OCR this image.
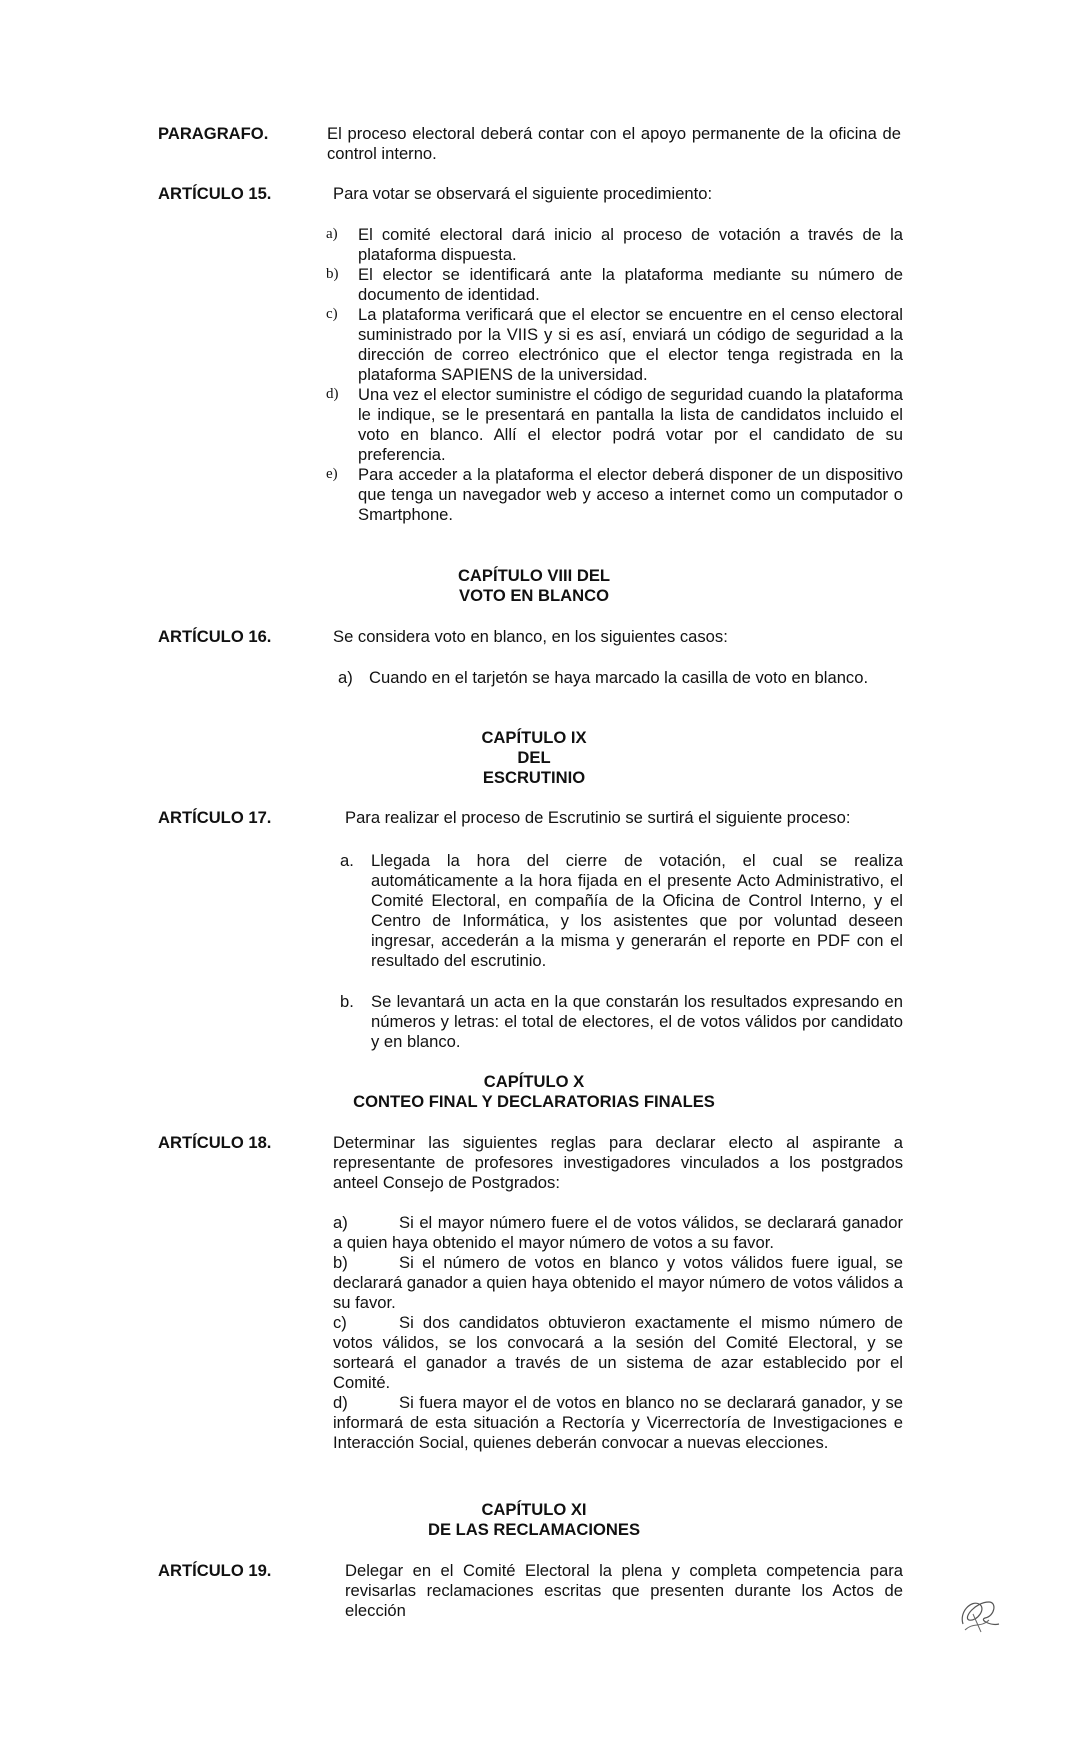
PARAGRAFO.	El proceso electoral deberá contar con el apoyo permanente de la oficina de control interno.
ARTÍCULO 15.	Para votar se observará el siguiente procedimiento:
a) El comité electoral dará inicio al proceso de votación a través de la plataforma dispuesta.
b) El elector se identificará ante la plataforma mediante su número de documento de identidad.
c) La plataforma verificará que el elector se encuentre en el censo electoral suministrado por la VIIS y si es así, enviará un código de seguridad a la dirección de correo electrónico que el elector tenga registrada en la plataforma SAPIENS de la universidad.
d) Una vez el elector suministre el código de seguridad cuando la plataforma le indique, se le presentará en pantalla la lista de candidatos incluido el voto en blanco. Allí el elector podrá votar por el candidato de su preferencia.
e) Para acceder a la plataforma el elector deberá disponer de un dispositivo que tenga un navegador web y acceso a internet como un computador o Smartphone.
CAPÍTULO VIII DEL
VOTO EN BLANCO
ARTÍCULO 16.	Se considera voto en blanco, en los siguientes casos:
a) Cuando en el tarjetón se haya marcado la casilla de voto en blanco.
CAPÍTULO IX
DEL
ESCRUTINIO
ARTÍCULO 17.	Para realizar el proceso de Escrutinio se surtirá el siguiente proceso:
a. Llegada la hora del cierre de votación, el cual se realiza automáticamente a la hora fijada en el presente Acto Administrativo, el Comité Electoral, en compañía de la Oficina de Control Interno, y el Centro de Informática, y los asistentes que por voluntad deseen ingresar, accederán a la misma y generarán el reporte en PDF con el resultado del escrutinio.
b. Se levantará un acta en la que constarán los resultados expresando en números y letras: el total de electores, el de votos válidos por candidato y en blanco.
CAPÍTULO X
CONTEO FINAL Y DECLARATORIAS FINALES
ARTÍCULO 18.	Determinar las siguientes reglas para declarar electo al aspirante a representante de profesores investigadores vinculados a los postgrados anteel Consejo de Postgrados:
a)	Si el mayor número fuere el de votos válidos, se declarará ganador a quien haya obtenido el mayor número de votos a su favor.
b)	Si el número de votos en blanco y votos válidos fuere igual, se declarará ganador a quien haya obtenido el mayor número de votos válidos a su favor.
c)	Si dos candidatos obtuvieron exactamente el mismo número de votos válidos, se los convocará a la sesión del Comité Electoral, y se sorteará el ganador a través de un sistema de azar establecido por el Comité.
d)	Si fuera mayor el de votos en blanco no se declarará ganador, y se informará de esta situación a Rectoría y Vicerrectoría de Investigaciones e Interacción Social, quienes deberán convocar a nuevas elecciones.
CAPÍTULO XI
DE LAS RECLAMACIONES
ARTÍCULO 19.	Delegar en el Comité Electoral la plena y completa competencia para revisarlas reclamaciones escritas que presenten durante los Actos de elección
